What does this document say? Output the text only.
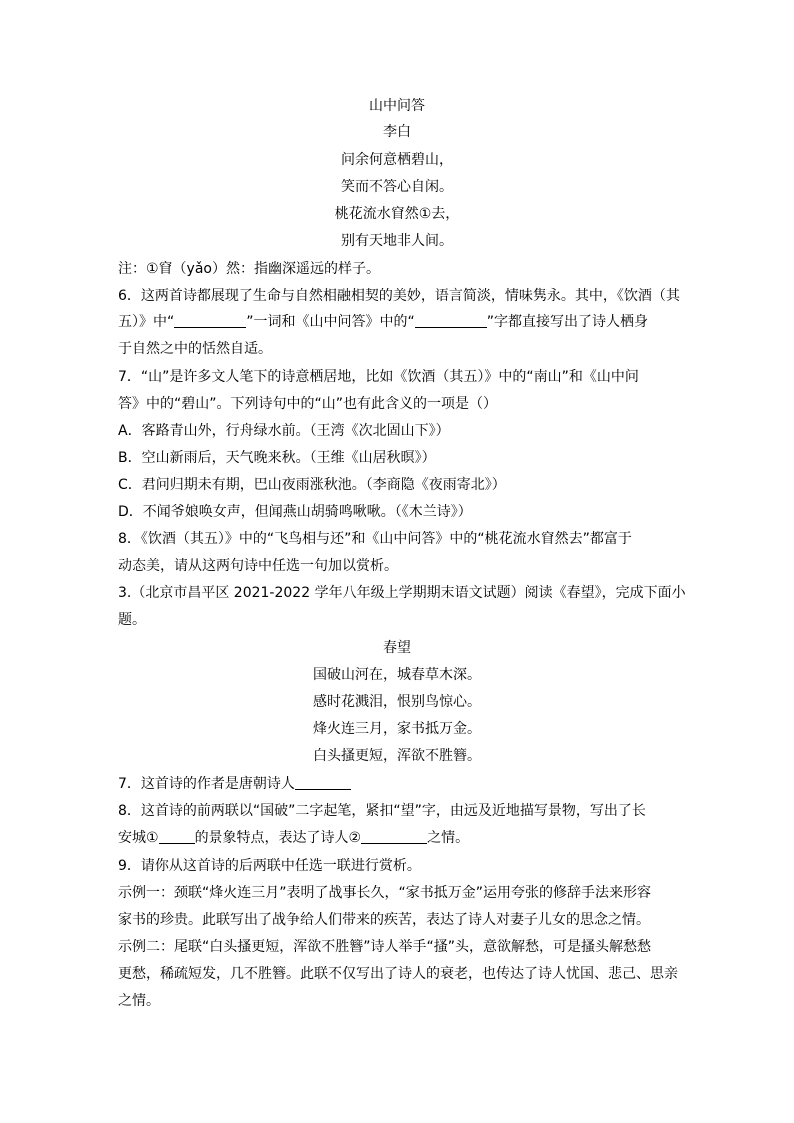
山中问答
李白
问余何意栖碧山，
笑而不答心自闲。
桃花流水窅然①去，
别有天地非人间。
注：①窅（yǎo）然：指幽深遥远的样子。
6．这两首诗都展现了生命与自然相融相契的美妙，语言简淡，情味隽永。其中，《饮酒（其
五）》中“	”一词和《山中问答》中的“	”字都直接写出了诗人栖身
于自然之中的恬然自适。
7．“山”是许多文人笔下的诗意栖居地，比如《饮酒（其五）》中的“南山”和《山中问
答》中的“碧山”。下列诗句中的“山”也有此含义的一项是（）
A．客路青山外，行舟绿水前。（王湾《次北固山下》）
B．空山新雨后，天气晚来秋。（王维《山居秋暝》）
C．君问归期未有期，巴山夜雨涨秋池。（李商隐《夜雨寄北》）
D．不闻爷娘唤女声，但闻燕山胡骑鸣啾啾。（《木兰诗》）
8．《饮酒（其五）》中的“飞鸟相与还”和《山中问答》中的“桃花流水窅然去”都富于
动态美，请从这两句诗中任选一句加以赏析。
3.（北京市昌平区 2021-2022 学年八年级上学期期末语文试题）阅读《春望》，完成下面小
题。
春望
国破山河在，城春草木深。
感时花溅泪，恨别鸟惊心。
烽火连三月，家书抵万金。
白头搔更短，浑欲不胜簪。
7．这首诗的作者是唐朝诗人
8．这首诗的前两联以“国破”二字起笔，紧扣“望”字，由远及近地描写景物，写出了长
安城①	的景象特点，表达了诗人②	之情。
9．请你从这首诗的后两联中任选一联进行赏析。
示例一：颈联“烽火连三月”表明了战事长久，“家书抵万金”运用夸张的修辞手法来形容
家书的珍贵。此联写出了战争给人们带来的疾苦，表达了诗人对妻子儿女的思念之情。
示例二：尾联“白头搔更短，浑欲不胜簪”诗人举手“搔”头，意欲解愁，可是搔头解愁愁
更愁，稀疏短发，几不胜簪。此联不仅写出了诗人的衰老，也传达了诗人忧国、悲己、思亲
之情。
